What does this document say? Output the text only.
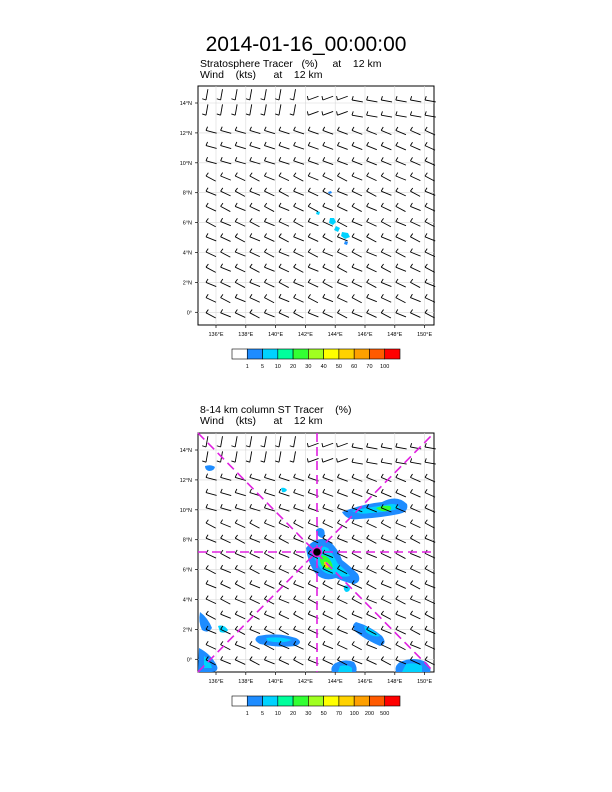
2014-01-16_00:00:00
Stratosphere Tracer   (%)     at    12 km
Wind    (kts)      at    12 km
8-14 km column ST Tracer    (%)
Wind    (kts)      at    12 km
14°N
12°N
10°N
8°N
6°N
4°N
2°N
0°
136°E	138°E	140°E	142°E	144°E	146°E	148°E	150°E
1 5 10 20 30 40 50 60 70 100
14°N
12°N
10°N
8°N
6°N
4°N
2°N
0°
136°E	138°E	140°E	142°E	144°E	146°E	148°E	150°E
1 5 10 20 30 50 70 100 200 500
